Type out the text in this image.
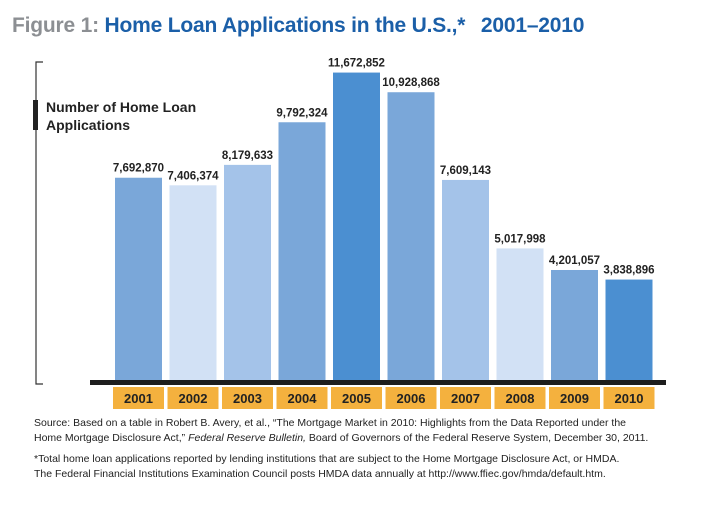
Figure 1: Home Loan Applications in the U.S.,* 2001–2010
7,692,870
7,406,374
8,179,633
9,792,324
11,672,852
10,928,868
7,609,143
5,017,998
4,201,057
3,838,896
2001 2002 2003 2004 2005 2006 2007 2008 2009 2010
Number of Home Loan Applications

Source: Based on a table in Robert B. Avery, et al., “The Mortgage Market in 2010: Highlights from the Data Reported under the
Home Mortgage Disclosure Act,” Federal Reserve Bulletin, Board of Governors of the Federal Reserve System, December 30, 2011.

*Total home loan applications reported by lending institutions that are subject to the Home Mortgage Disclosure Act, or HMDA.
The Federal Financial Institutions Examination Council posts HMDA data annually at http://www.ffiec.gov/hmda/default.htm.
